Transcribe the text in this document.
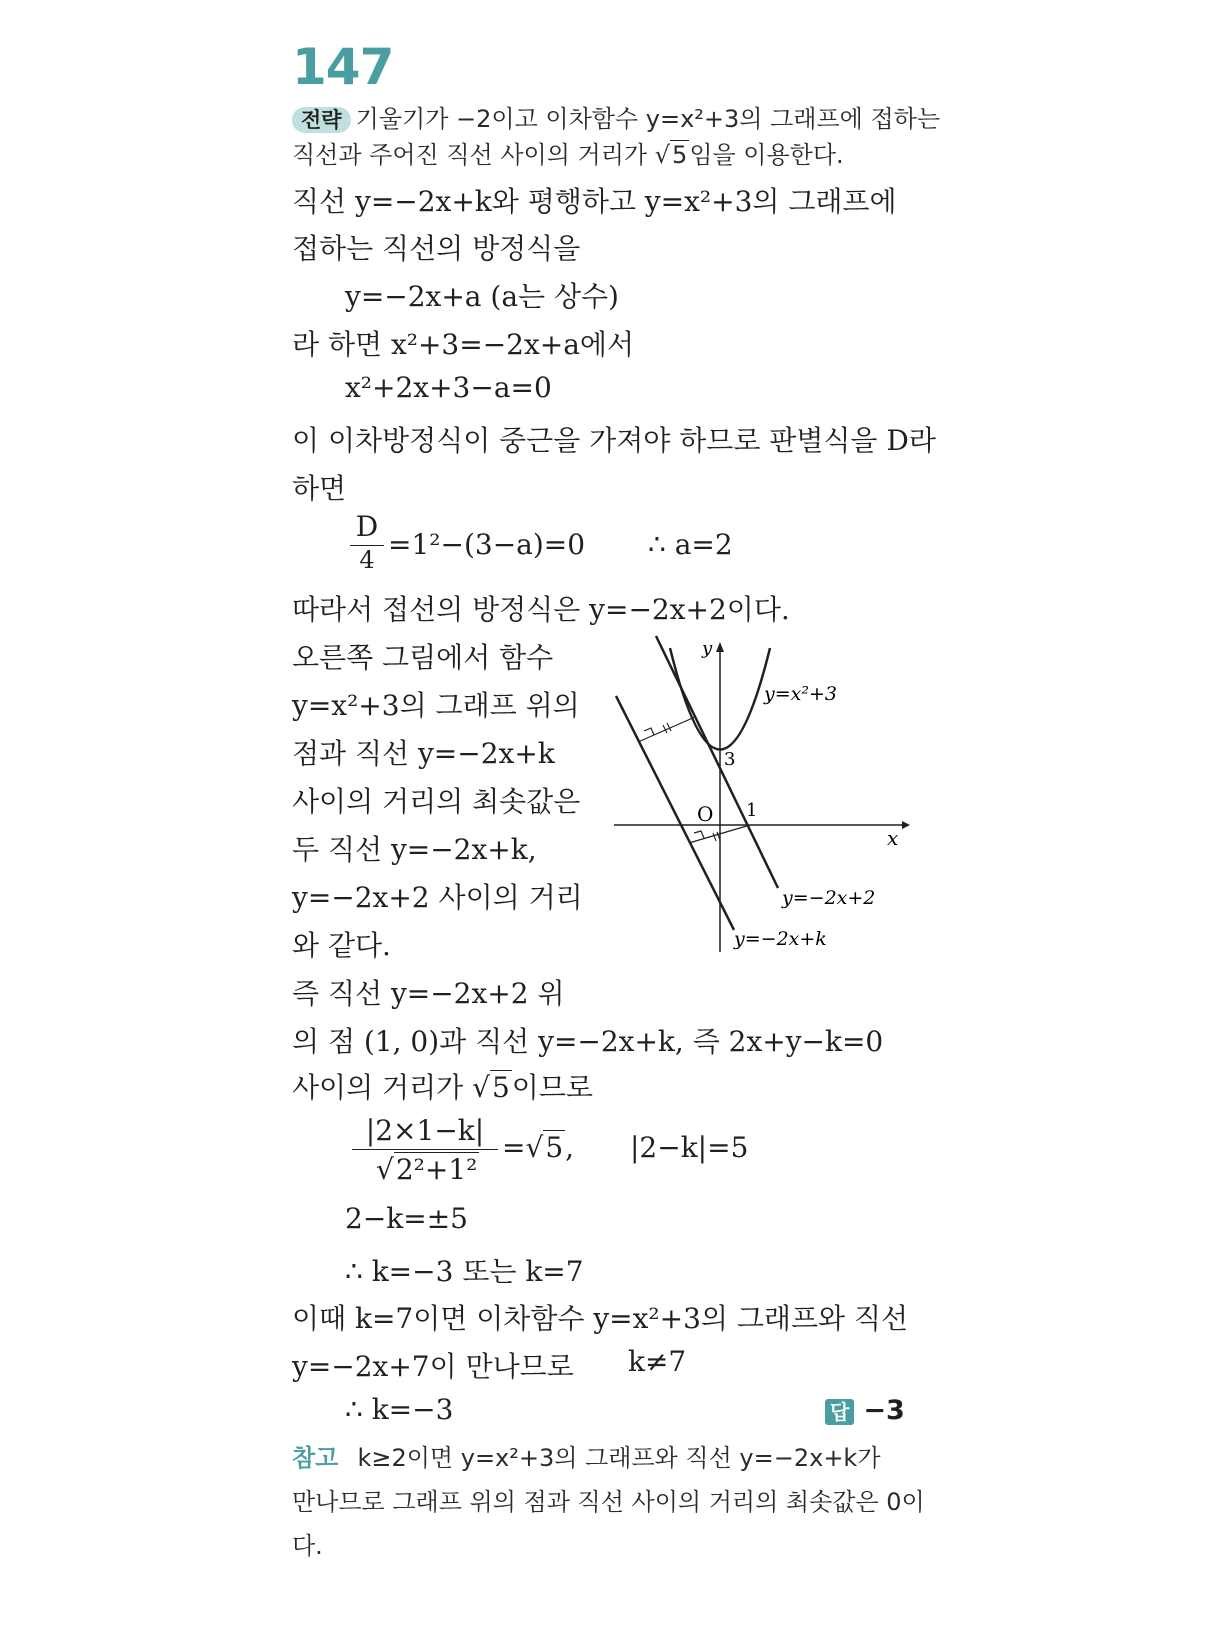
147
전략 기울기가 −2이고 이차함수 y=x²+3의 그래프에 접하는
직선과 주어진 직선 사이의 거리가 √5임을 이용한다.
직선 y=−2x+k와 평행하고 y=x²+3의 그래프에
접하는 직선의 방정식을
y=−2x+a (a는 상수)
라 하면 x²+3=−2x+a에서
x²+2x+3−a=0
이 이차방정식이 중근을 가져야 하므로 판별식을 D라
하면
D
4 =1²−(3−a)=0 ∴ a=2
따라서 접선의 방정식은 y=−2x+2이다.
오른쪽 그림에서 함수
y=x²+3의 그래프 위의
점과 직선 y=−2x+k
사이의 거리의 최솟값은
두 직선 y=−2x+k,
y=−2x+2 사이의 거리
와 같다.
즉 직선 y=−2x+2 위
의 점 (1, 0)과 직선 y=−2x+k, 즉 2x+y−k=0
사이의 거리가 √5이므로
|2×1−k|
√2²+1²
=√5, |2−k|=5
2−k=±5
∴ k=−3 또는 k=7
이때 k=7이면 이차함수 y=x²+3의 그래프와 직선
y=−2x+7이 만나므로 k≠7
∴ k=−3	답 −3
참고 k≥2이면 y=x²+3의 그래프와 직선 y=−2x+k가
만나므로 그래프 위의 점과 직선 사이의 거리의 최솟값은 0이
다.
y
x
O
3
1
y=x²+3
y=−2x+2
y=−2x+k
